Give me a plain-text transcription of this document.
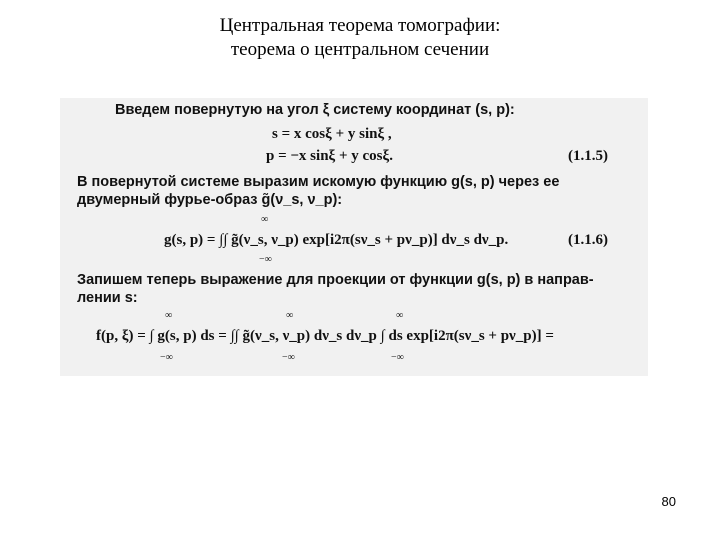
Центральная теорема томографии:
теорема о центральном сечении
Введем повернутую на угол ξ систему координат (s, p):
s = x cosξ + y sinξ ,
p = −x sinξ + y cosξ.	(1.1.5)
В повернутой системе выразим искомую функцию g(s, p) через ее
двумерный фурье-образ g̃(ν_s, ν_p):
∞
g(s, p) = ∫∫ g̃(ν_s, ν_p) exp[i2π(sν_s + pν_p)] dν_s dν_p.
−∞
(1.1.6)
Запишем теперь выражение для проекции от функции g(s, p) в направ-
лении s:
∞	∞	∞
f(p, ξ) = ∫ g(s, p) ds = ∫∫ g̃(ν_s, ν_p) dν_s dν_p ∫ ds exp[i2π(sν_s + pν_p)] =
−∞	−∞	−∞
80
